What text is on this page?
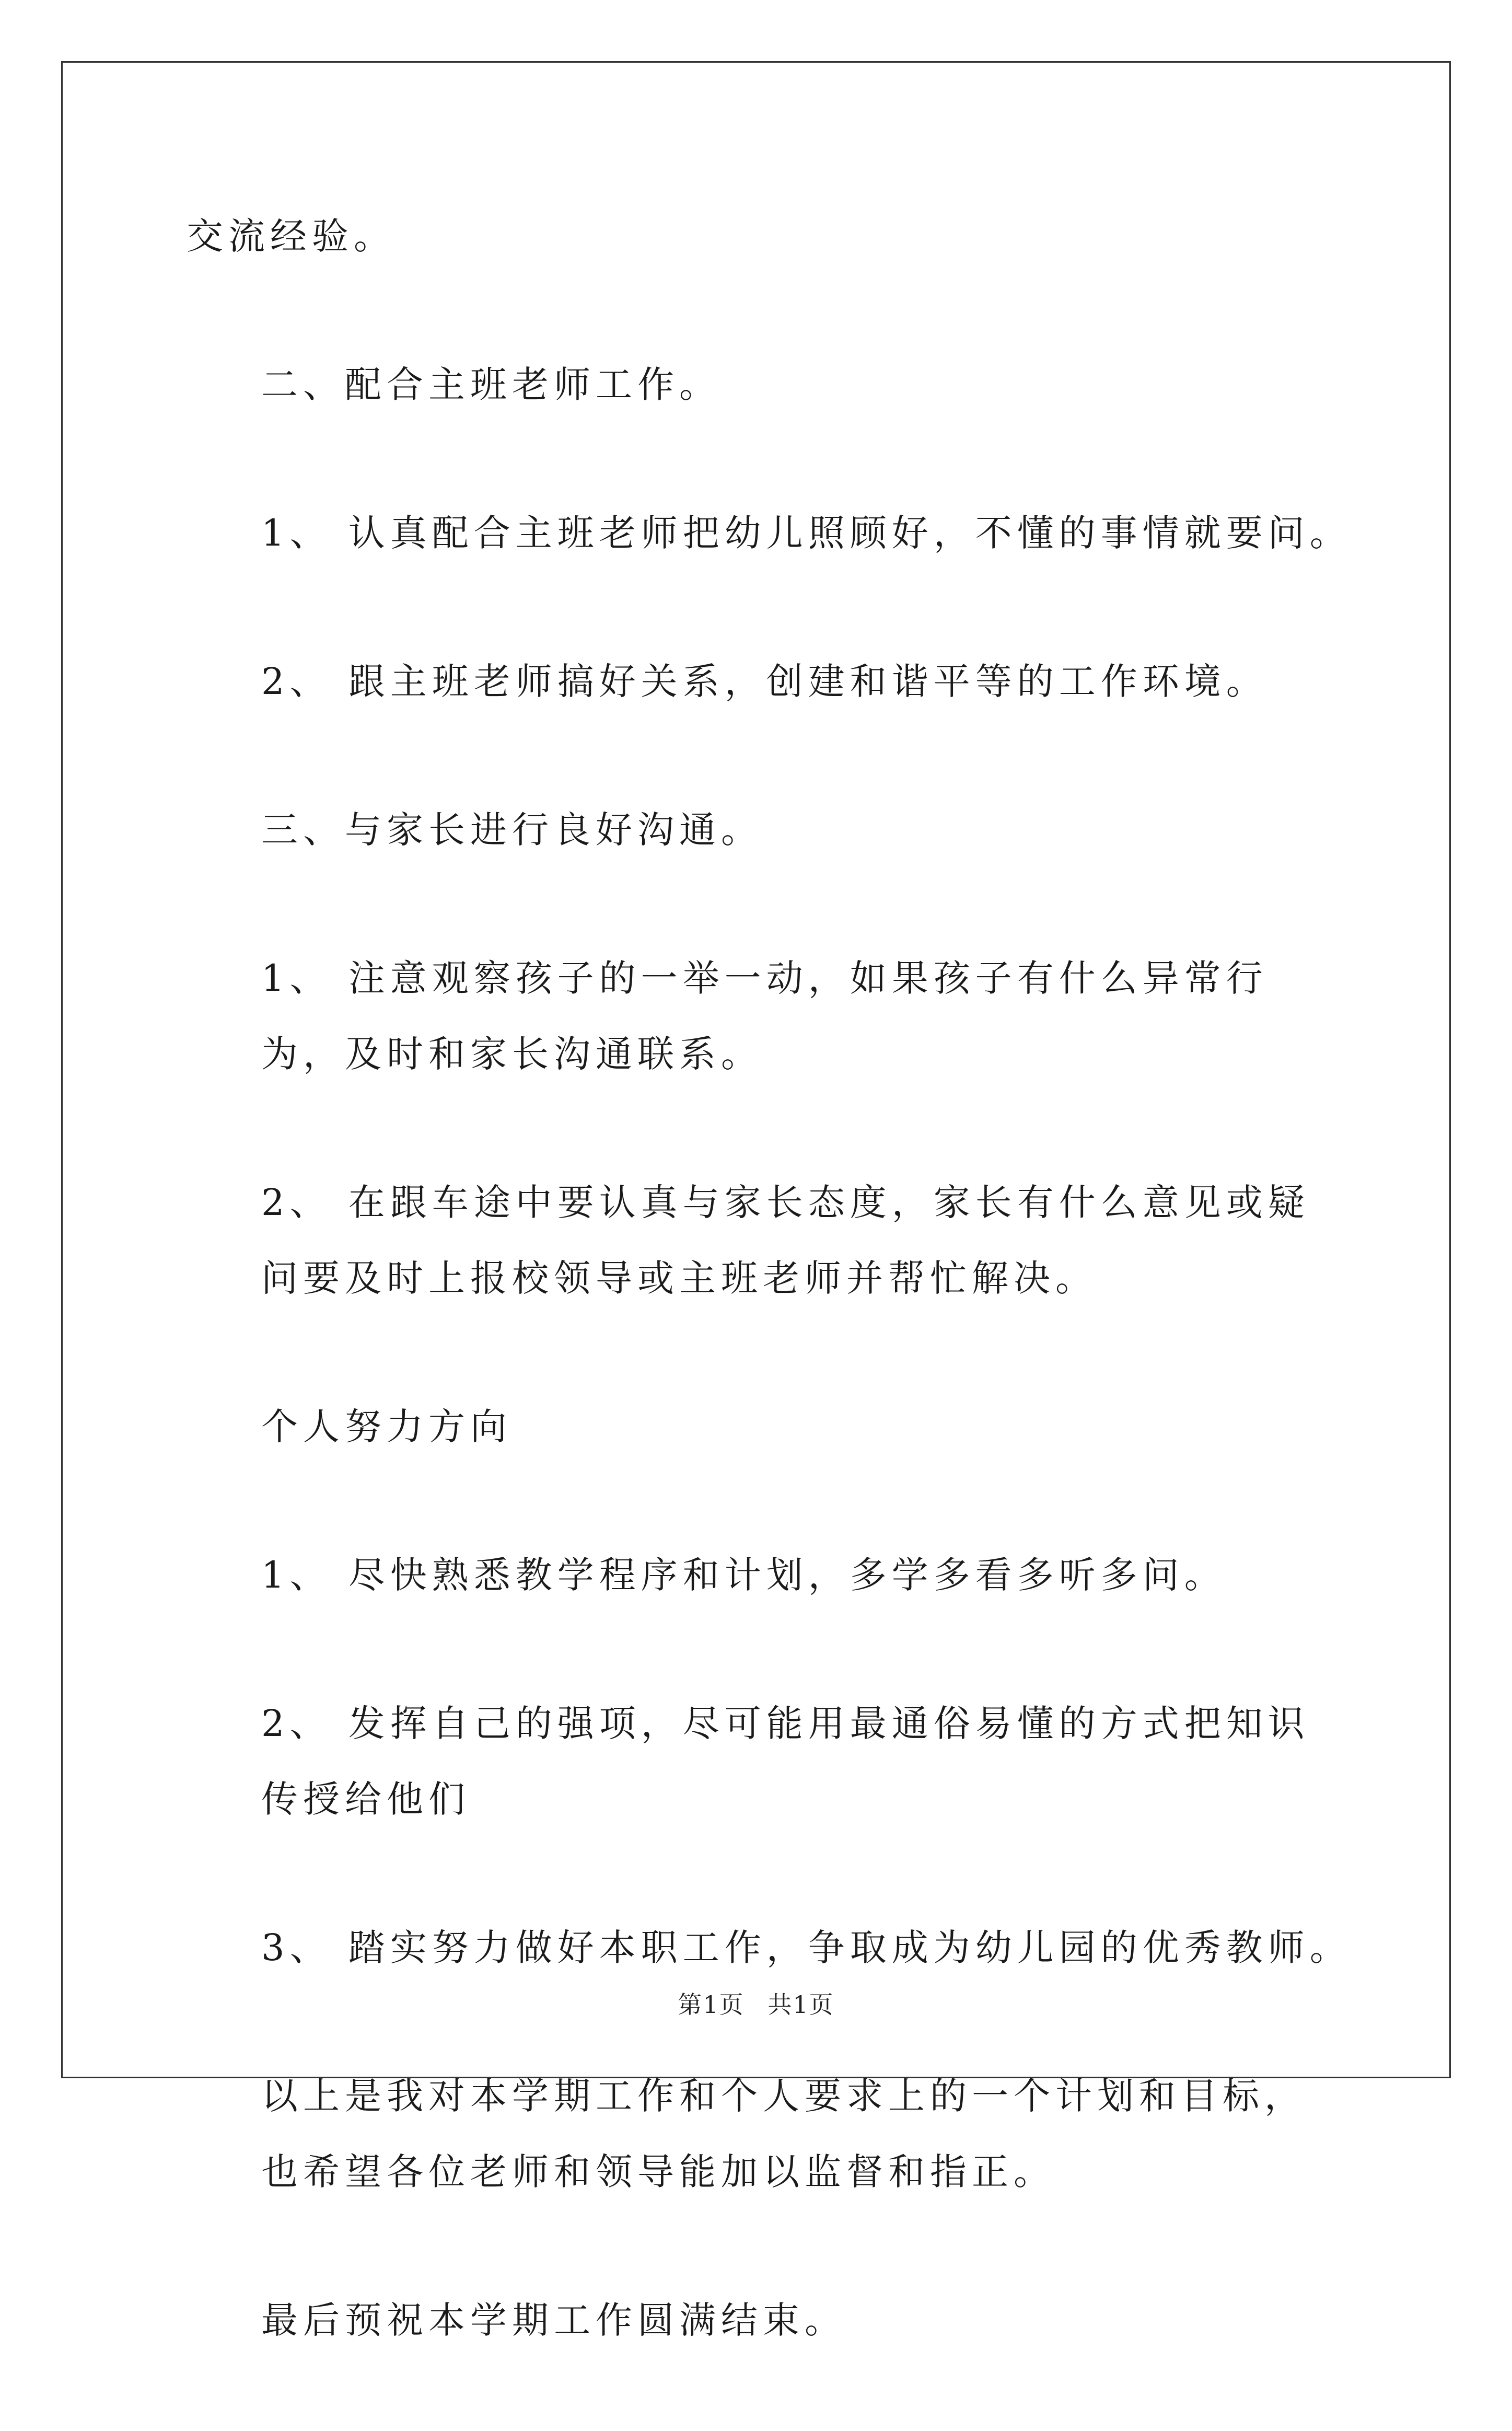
交流经验。

二、配合主班老师工作。

1、 认真配合主班老师把幼儿照顾好，不懂的事情就要问。

2、 跟主班老师搞好关系，创建和谐平等的工作环境。

三、与家长进行良好沟通。

1、 注意观察孩子的一举一动，如果孩子有什么异常行为，及时和家长沟通联系。

2、 在跟车途中要认真与家长态度，家长有什么意见或疑问要及时上报校领导或主班老师并帮忙解决。

个人努力方向

1、 尽快熟悉教学程序和计划，多学多看多听多问。

2、 发挥自己的强项，尽可能用最通俗易懂的方式把知识传授给他们

3、 踏实努力做好本职工作，争取成为幼儿园的优秀教师。

以上是我对本学期工作和个人要求上的一个计划和目标，也希望各位老师和领导能加以监督和指正。

最后预祝本学期工作圆满结束。

第1页 共1页
